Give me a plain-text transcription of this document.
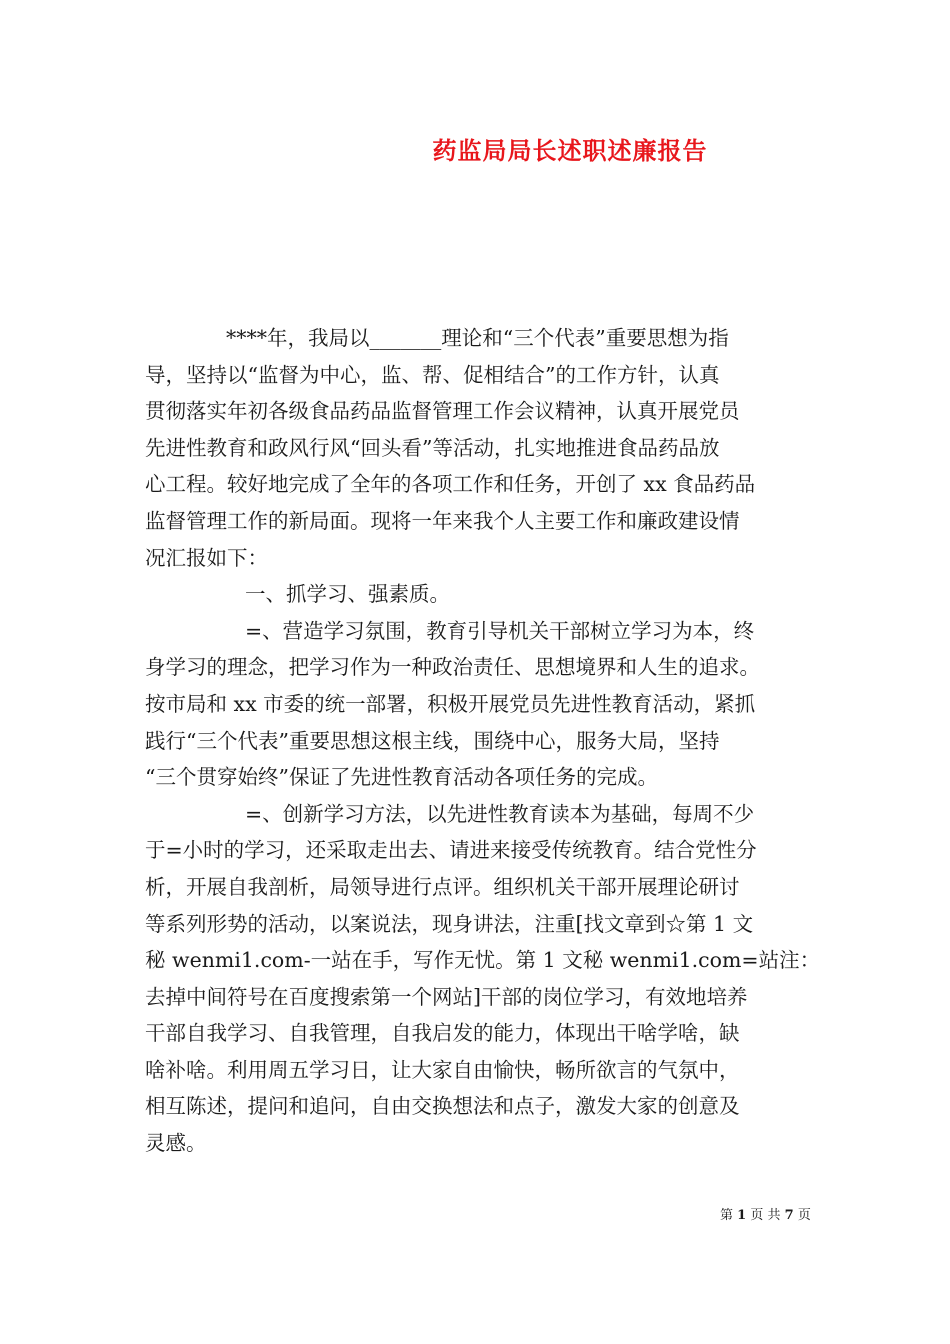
药监局局长述职述廉报告
****年，我局以_______理论和“三个代表”重要思想为指
导，坚持以“监督为中心，监、帮、促相结合”的工作方针，认真
贯彻落实年初各级食品药品监督管理工作会议精神，认真开展党员
先进性教育和政风行风“回头看”等活动，扎实地推进食品药品放
心工程。较好地完成了全年的各项工作和任务，开创了 xx 食品药品
监督管理工作的新局面。现将一年来我个人主要工作和廉政建设情
况汇报如下：
一、抓学习、强素质。
=、营造学习氛围，教育引导机关干部树立学习为本，终
身学习的理念，把学习作为一种政治责任、思想境界和人生的追求。
按市局和 xx 市委的统一部署，积极开展党员先进性教育活动，紧抓
践行“三个代表”重要思想这根主线，围绕中心，服务大局，坚持
“三个贯穿始终”保证了先进性教育活动各项任务的完成。
=、创新学习方法，以先进性教育读本为基础，每周不少
于=小时的学习，还采取走出去、请进来接受传统教育。结合党性分
析，开展自我剖析，局领导进行点评。组织机关干部开展理论研讨
等系列形势的活动，以案说法，现身讲法，注重[找文章到☆第 1 文
秘 wenmi1.com-一站在手，写作无忧。第 1 文秘 wenmi1.com=站注：
去掉中间符号在百度搜索第一个网站]干部的岗位学习，有效地培养
干部自我学习、自我管理，自我启发的能力，体现出干啥学啥，缺
啥补啥。利用周五学习日，让大家自由愉快，畅所欲言的气氛中，
相互陈述，提问和追问，自由交换想法和点子，激发大家的创意及
灵感。
第 1 页 共 7 页
